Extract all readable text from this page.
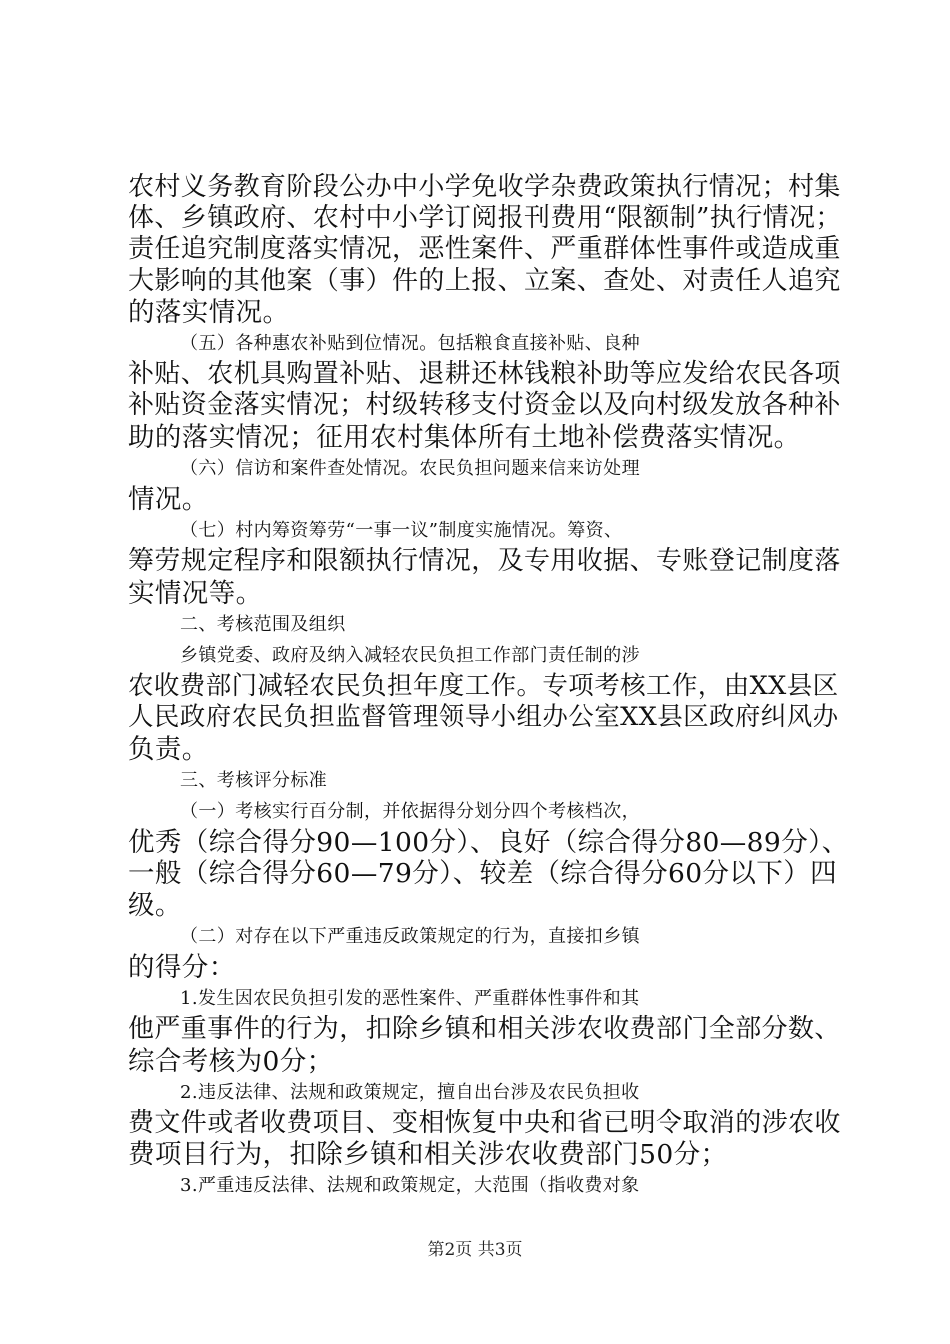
农村义务教育阶段公办中小学免收学杂费政策执行情况；村集
体、乡镇政府、农村中小学订阅报刊费用“限额制”执行情况；
责任追究制度落实情况，恶性案件、严重群体性事件或造成重
大影响的其他案（事）件的上报、立案、查处、对责任人追究
的落实情况。
（五）各种惠农补贴到位情况。包括粮食直接补贴、良种
补贴、农机具购置补贴、退耕还林钱粮补助等应发给农民各项
补贴资金落实情况；村级转移支付资金以及向村级发放各种补
助的落实情况；征用农村集体所有土地补偿费落实情况。
（六）信访和案件查处情况。农民负担问题来信来访处理
情况。
（七）村内筹资筹劳“一事一议”制度实施情况。筹资、
筹劳规定程序和限额执行情况，及专用收据、专账登记制度落
实情况等。
二、考核范围及组织
乡镇党委、政府及纳入减轻农民负担工作部门责任制的涉
农收费部门减轻农民负担年度工作。专项考核工作，由XX县区
人民政府农民负担监督管理领导小组办公室XX县区政府纠风办
负责。
三、考核评分标准
（一）考核实行百分制，并依据得分划分四个考核档次，
优秀（综合得分90—100分）、良好（综合得分80—89分）、
一般（综合得分60—79分）、较差（综合得分60分以下）四
级。
（二）对存在以下严重违反政策规定的行为，直接扣乡镇
的得分：
1.发生因农民负担引发的恶性案件、严重群体性事件和其
他严重事件的行为，扣除乡镇和相关涉农收费部门全部分数、
综合考核为0分；
第2页 共3页
2.违反法律、法规和政策规定，擅自出台涉及农民负担收
费文件或者收费项目、变相恢复中央和省已明令取消的涉农收
费项目行为，扣除乡镇和相关涉农收费部门50分；
3.严重违反法律、法规和政策规定，大范围（指收费对象
